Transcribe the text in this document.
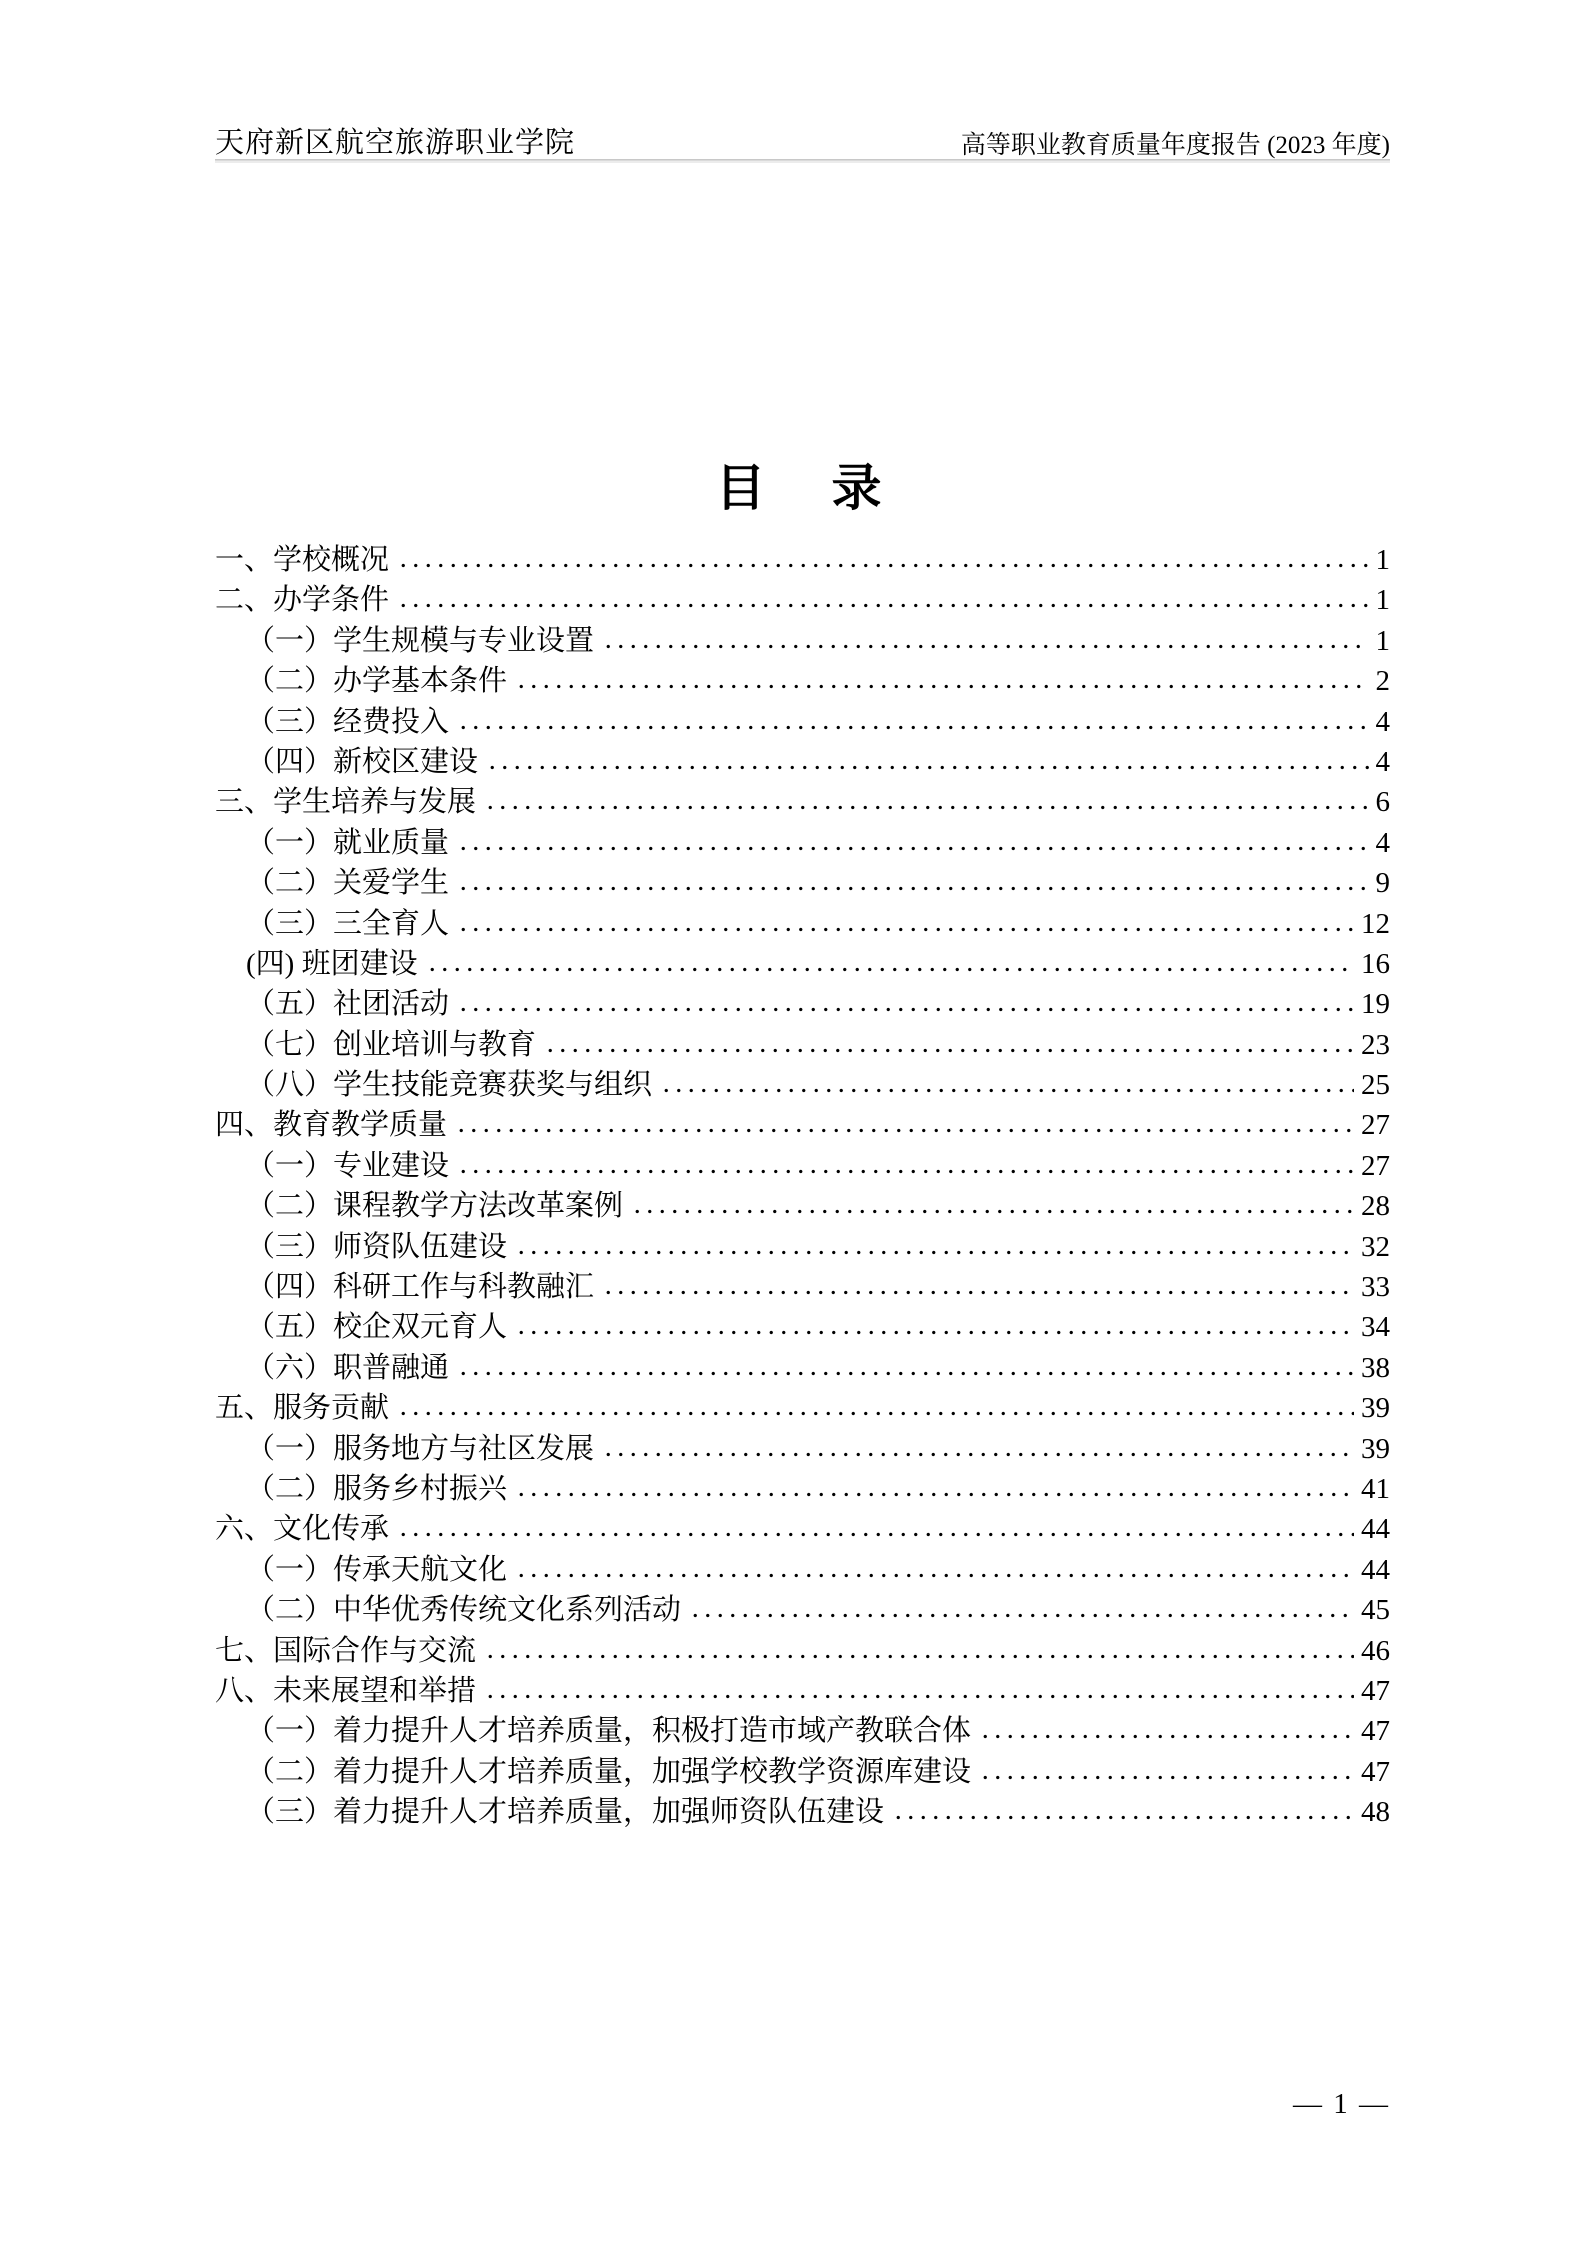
天府新区航空旅游职业学院	高等职业教育质量年度报告 (2023 年度)
目　录
一、学校概况	1
二、办学条件	1
（一）学生规模与专业设置	1
（二）办学基本条件	2
（三）经费投入	4
（四）新校区建设	4
三、学生培养与发展	6
（一）就业质量	4
（二）关爱学生	9
（三）三全育人	12
(四) 班团建设	16
（五）社团活动	19
（七）创业培训与教育	23
（八）学生技能竞赛获奖与组织	25
四、教育教学质量	27
（一）专业建设	27
（二）课程教学方法改革案例	28
（三）师资队伍建设	32
（四）科研工作与科教融汇	33
（五）校企双元育人	34
（六）职普融通	38
五、服务贡献	39
（一）服务地方与社区发展	39
（二）服务乡村振兴	41
六、文化传承	44
（一）传承天航文化	44
（二）中华优秀传统文化系列活动	45
七、国际合作与交流	46
八、未来展望和举措	47
（一）着力提升人才培养质量，积极打造市域产教联合体	47
（二）着力提升人才培养质量，加强学校教学资源库建设	47
（三）着力提升人才培养质量，加强师资队伍建设	48
— 1 —
